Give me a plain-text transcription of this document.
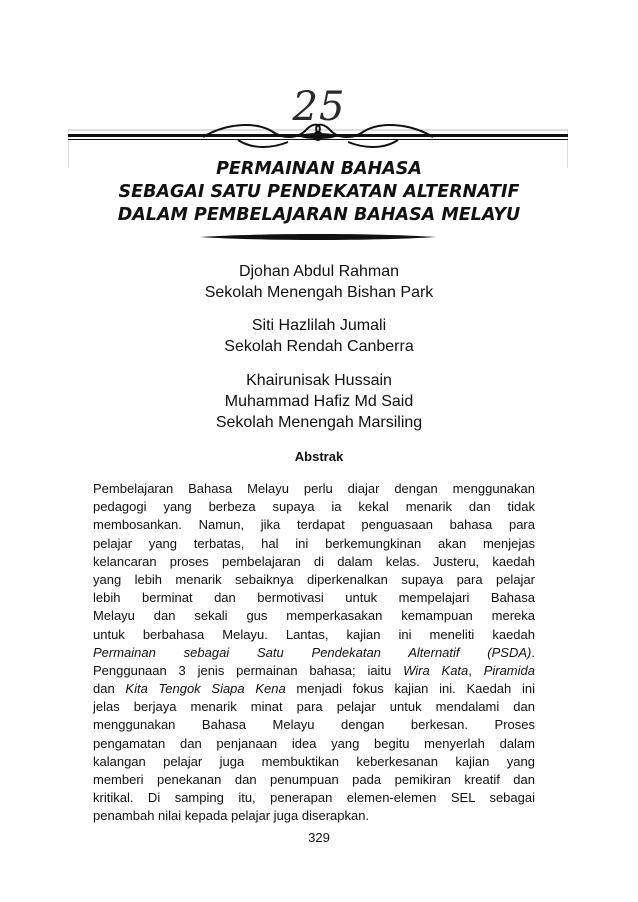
25
PERMAINAN BAHASA
SEBAGAI SATU PENDEKATAN ALTERNATIF
DALAM PEMBELAJARAN BAHASA MELAYU
Djohan Abdul Rahman
Sekolah Menengah Bishan Park
Siti Hazlilah Jumali
Sekolah Rendah Canberra
Khairunisak Hussain
Muhammad Hafiz Md Said
Sekolah Menengah Marsiling
Abstrak
Pembelajaran Bahasa Melayu perlu diajar dengan menggunakan
pedagogi yang berbeza supaya ia kekal menarik dan tidak
membosankan. Namun, jika terdapat penguasaan bahasa para
pelajar yang terbatas, hal ini berkemungkinan akan menjejas
kelancaran proses pembelajaran di dalam kelas. Justeru, kaedah
yang lebih menarik sebaiknya diperkenalkan supaya para pelajar
lebih berminat dan bermotivasi untuk mempelajari Bahasa
Melayu dan sekali gus memperkasakan kemampuan mereka
untuk berbahasa Melayu. Lantas, kajian ini meneliti kaedah
Permainan sebagai Satu Pendekatan Alternatif (PSDA).
Penggunaan 3 jenis permainan bahasa; iaitu Wira Kata, Piramida
dan Kita Tengok Siapa Kena menjadi fokus kajian ini. Kaedah ini
jelas berjaya menarik minat para pelajar untuk mendalami dan
menggunakan Bahasa Melayu dengan berkesan. Proses
pengamatan dan penjanaan idea yang begitu menyerlah dalam
kalangan pelajar juga membuktikan keberkesanan kajian yang
memberi penekanan dan penumpuan pada pemikiran kreatif dan
kritikal. Di samping itu, penerapan elemen-elemen SEL sebagai
penambah nilai kepada pelajar juga diserapkan.
329
